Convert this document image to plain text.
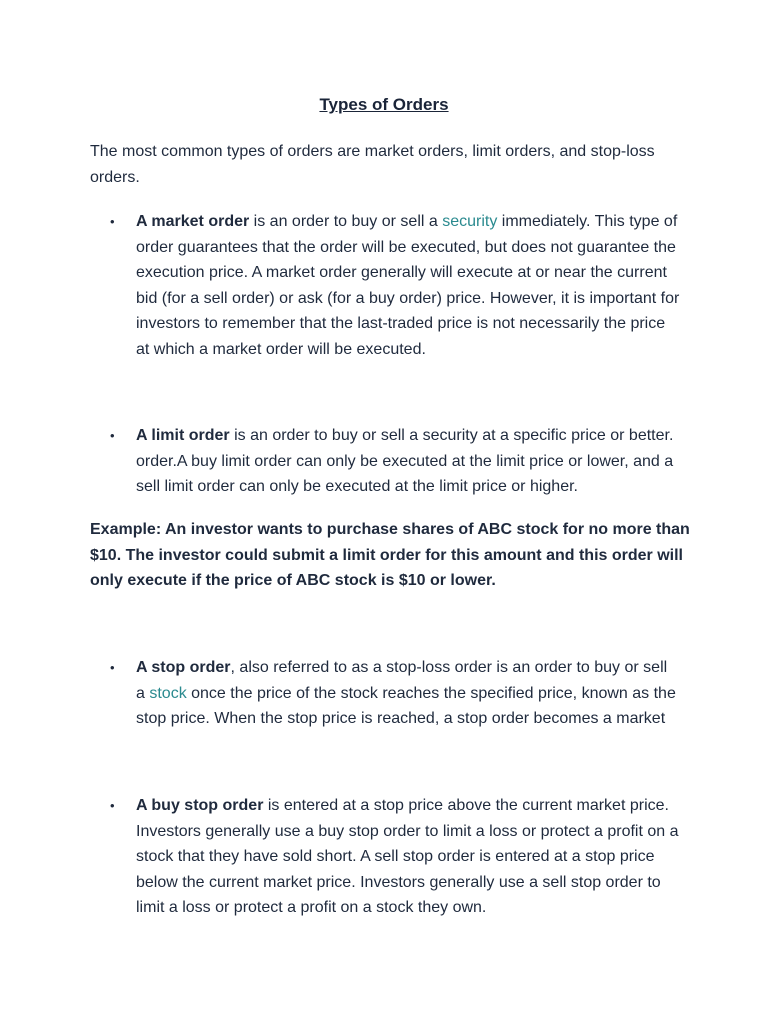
Types of Orders

The most common types of orders are market orders, limit orders, and stop-loss orders.

•	A market order is an order to buy or sell a security immediately. This type of order guarantees that the order will be executed, but does not guarantee the execution price. A market order generally will execute at or near the current bid (for a sell order) or ask (for a buy order) price. However, it is important for investors to remember that the last-traded price is not necessarily the price at which a market order will be executed.
•	A limit order is an order to buy or sell a security at a specific price or better. order.A buy limit order can only be executed at the limit price or lower, and a sell limit order can only be executed at the limit price or higher.

Example: An investor wants to purchase shares of ABC stock for no more than $10. The investor could submit a limit order for this amount and this order will only execute if the price of ABC stock is $10 or lower.

•	A stop order, also referred to as a stop-loss order is an order to buy or sell a stock once the price of the stock reaches the specified price, known as the stop price. When the stop price is reached, a stop order becomes a market
•	A buy stop order is entered at a stop price above the current market price. Investors generally use a buy stop order to limit a loss or protect a profit on a stock that they have sold short. A sell stop order is entered at a stop price below the current market price. Investors generally use a sell stop order to limit a loss or protect a profit on a stock they own.
